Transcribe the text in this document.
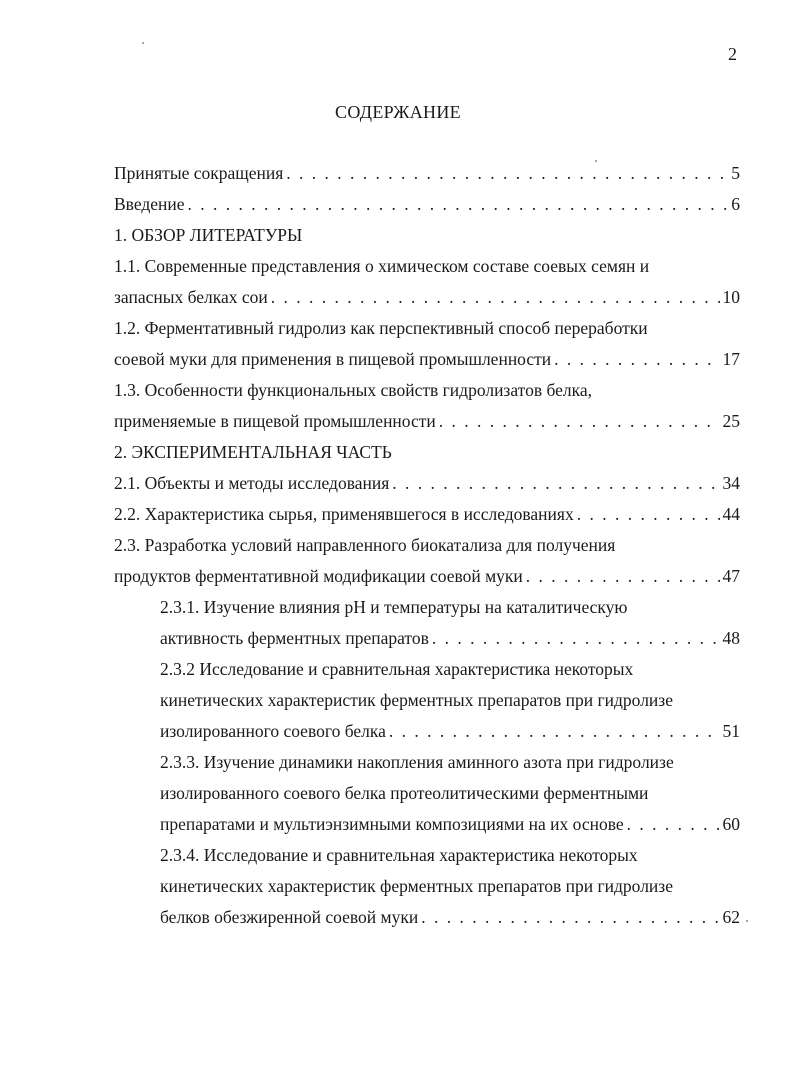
2
СОДЕРЖАНИЕ
Принятые сокращения . . .	5
Введение . . .	6
1. ОБЗОР ЛИТЕРАТУРЫ
1.1. Современные представления о химическом составе соевых семян и
запасных белках сои . . .	10
1.2. Ферментативный гидролиз как перспективный способ переработки
соевой муки для применения в пищевой промышленности . . .	17
1.3. Особенности функциональных свойств гидролизатов белка,
применяемые в пищевой промышленности . . .	25
2. ЭКСПЕРИМЕНТАЛЬНАЯ ЧАСТЬ
2.1. Объекты и методы исследования . . .	34
2.2. Характеристика сырья, применявшегося в исследованиях . . .	44
2.3. Разработка условий направленного биокатализа для получения
продуктов ферментативной модификации соевой муки . . .	47
2.3.1. Изучение влияния pH и температуры на каталитическую
активность ферментных препаратов . . .	48
2.3.2 Исследование и сравнительная характеристика некоторых
кинетических характеристик ферментных препаратов при гидролизе
изолированного соевого белка . . .	51
2.3.3. Изучение динамики накопления аминного азота при гидролизе
изолированного соевого белка протеолитическими ферментными
препаратами и мультиэнзимными композициями на их основе . . .	60
2.3.4. Исследование и сравнительная характеристика некоторых
кинетических характеристик ферментных препаратов при гидролизе
белков обезжиренной соевой муки . . .	62
